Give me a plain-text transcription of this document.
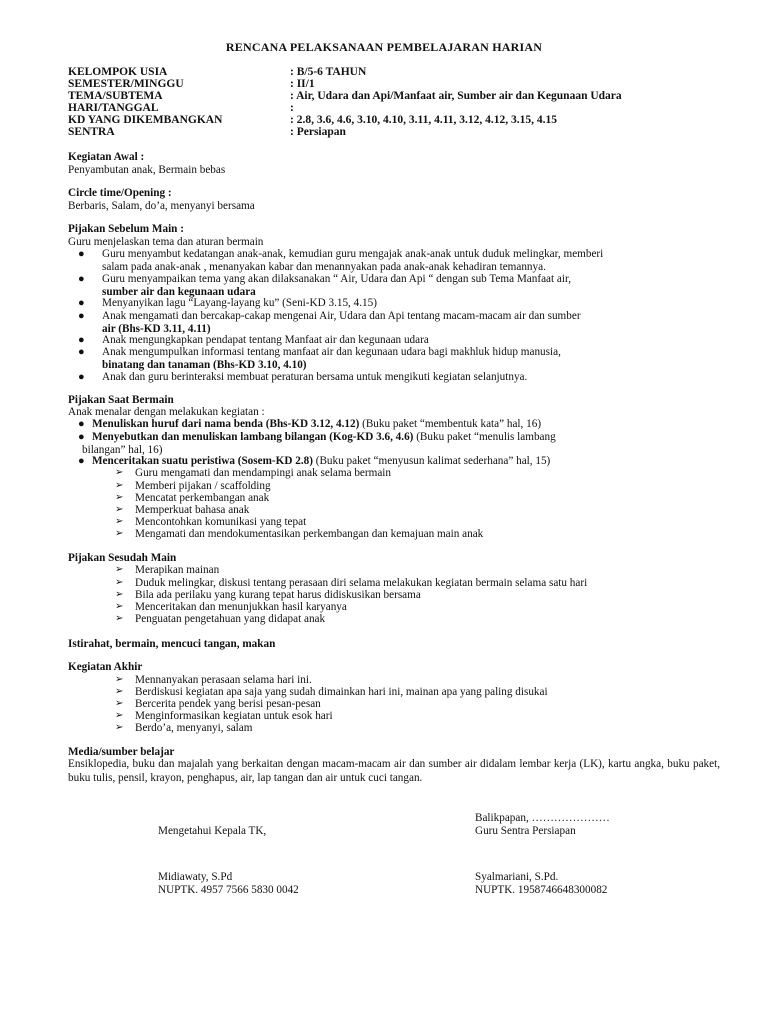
RENCANA PELAKSANAAN PEMBELAJARAN HARIAN
KELOMPOK USIA	: B/5-6 TAHUN
SEMESTER/MINGGU	: II/1
TEMA/SUBTEMA	: Air, Udara dan Api/Manfaat air, Sumber air dan Kegunaan Udara
HARI/TANGGAL	:
KD YANG DIKEMBANGKAN	: 2.8, 3.6, 4.6, 3.10, 4.10, 3.11, 4.11, 3.12, 4.12, 3.15, 4.15
SENTRA	: Persiapan
Kegiatan Awal :
Penyambutan anak, Bermain bebas
Circle time/Opening :
Berbaris, Salam, do’a, menyanyi bersama
Pijakan Sebelum Main :
Guru menjelaskan tema dan aturan bermain
● Guru menyambut kedatangan anak-anak, kemudian guru mengajak anak-anak untuk duduk melingkar, memberi
salam pada anak-anak , menanyakan kabar dan menannyakan pada anak-anak kehadiran temannya.
● Guru menyampaikan tema yang akan dilaksanakan “ Air, Udara dan Api “ dengan sub Tema Manfaat air,
sumber air dan kegunaan udara
● Menyanyikan lagu “Layang-layang ku” (Seni-KD 3.15, 4.15)
● Anak mengamati dan bercakap-cakap mengenai Air, Udara dan Api tentang macam-macam air dan sumber
air (Bhs-KD 3.11, 4.11)
● Anak mengungkapkan pendapat tentang Manfaat air dan kegunaan udara
● Anak mengumpulkan informasi tentang manfaat air dan kegunaan udara bagi makhluk hidup manusia,
binatang dan tanaman (Bhs-KD 3.10, 4.10)
● Anak dan guru berinteraksi membuat peraturan bersama untuk mengikuti kegiatan selanjutnya.
Pijakan Saat Bermain
Anak menalar dengan melakukan kegiatan :
● Menuliskan huruf dari nama benda (Bhs-KD 3.12, 4.12) (Buku paket “membentuk kata” hal, 16)
● Menyebutkan dan menuliskan lambang bilangan (Kog-KD 3.6, 4.6) (Buku paket “menulis lambang
bilangan” hal, 16)
● Menceritakan suatu peristiwa (Sosem-KD 2.8) (Buku paket “menyusun kalimat sederhana” hal, 15)
➢ Guru mengamati dan mendampingi anak selama bermain
➢ Memberi pijakan / scaffolding
➢ Mencatat perkembangan anak
➢ Memperkuat bahasa anak
➢ Mencontohkan komunikasi yang tepat
➢ Mengamati dan mendokumentasikan perkembangan dan kemajuan main anak
Pijakan Sesudah Main
➢ Merapikan mainan
➢ Duduk melingkar, diskusi tentang perasaan diri selama melakukan kegiatan bermain selama satu hari
➢ Bila ada perilaku yang kurang tepat harus didiskusikan bersama
➢ Menceritakan dan menunjukkan hasil karyanya
➢ Penguatan pengetahuan yang didapat anak
Istirahat, bermain, mencuci tangan, makan
Kegiatan Akhir
➢ Mennanyakan perasaan selama hari ini.
➢ Berdiskusi kegiatan apa saja yang sudah dimainkan hari ini, mainan apa yang paling disukai
➢ Bercerita pendek yang berisi pesan-pesan
➢ Menginformasikan kegiatan untuk esok hari
➢ Berdo’a, menyanyi, salam
Media/sumber belajar
Ensiklopedia, buku dan majalah yang berkaitan dengan macam-macam air dan sumber air didalam lembar kerja (LK), kartu angka, buku paket, buku tulis, pensil, krayon, penghapus, air, lap tangan dan air untuk cuci tangan.
Balikpapan, …………………
Mengetahui Kepala TK,	Guru Sentra Persiapan
Midiawaty, S.Pd	Syalmariani, S.Pd.
NUPTK. 4957 7566 5830 0042	NUPTK. 1958746648300082
